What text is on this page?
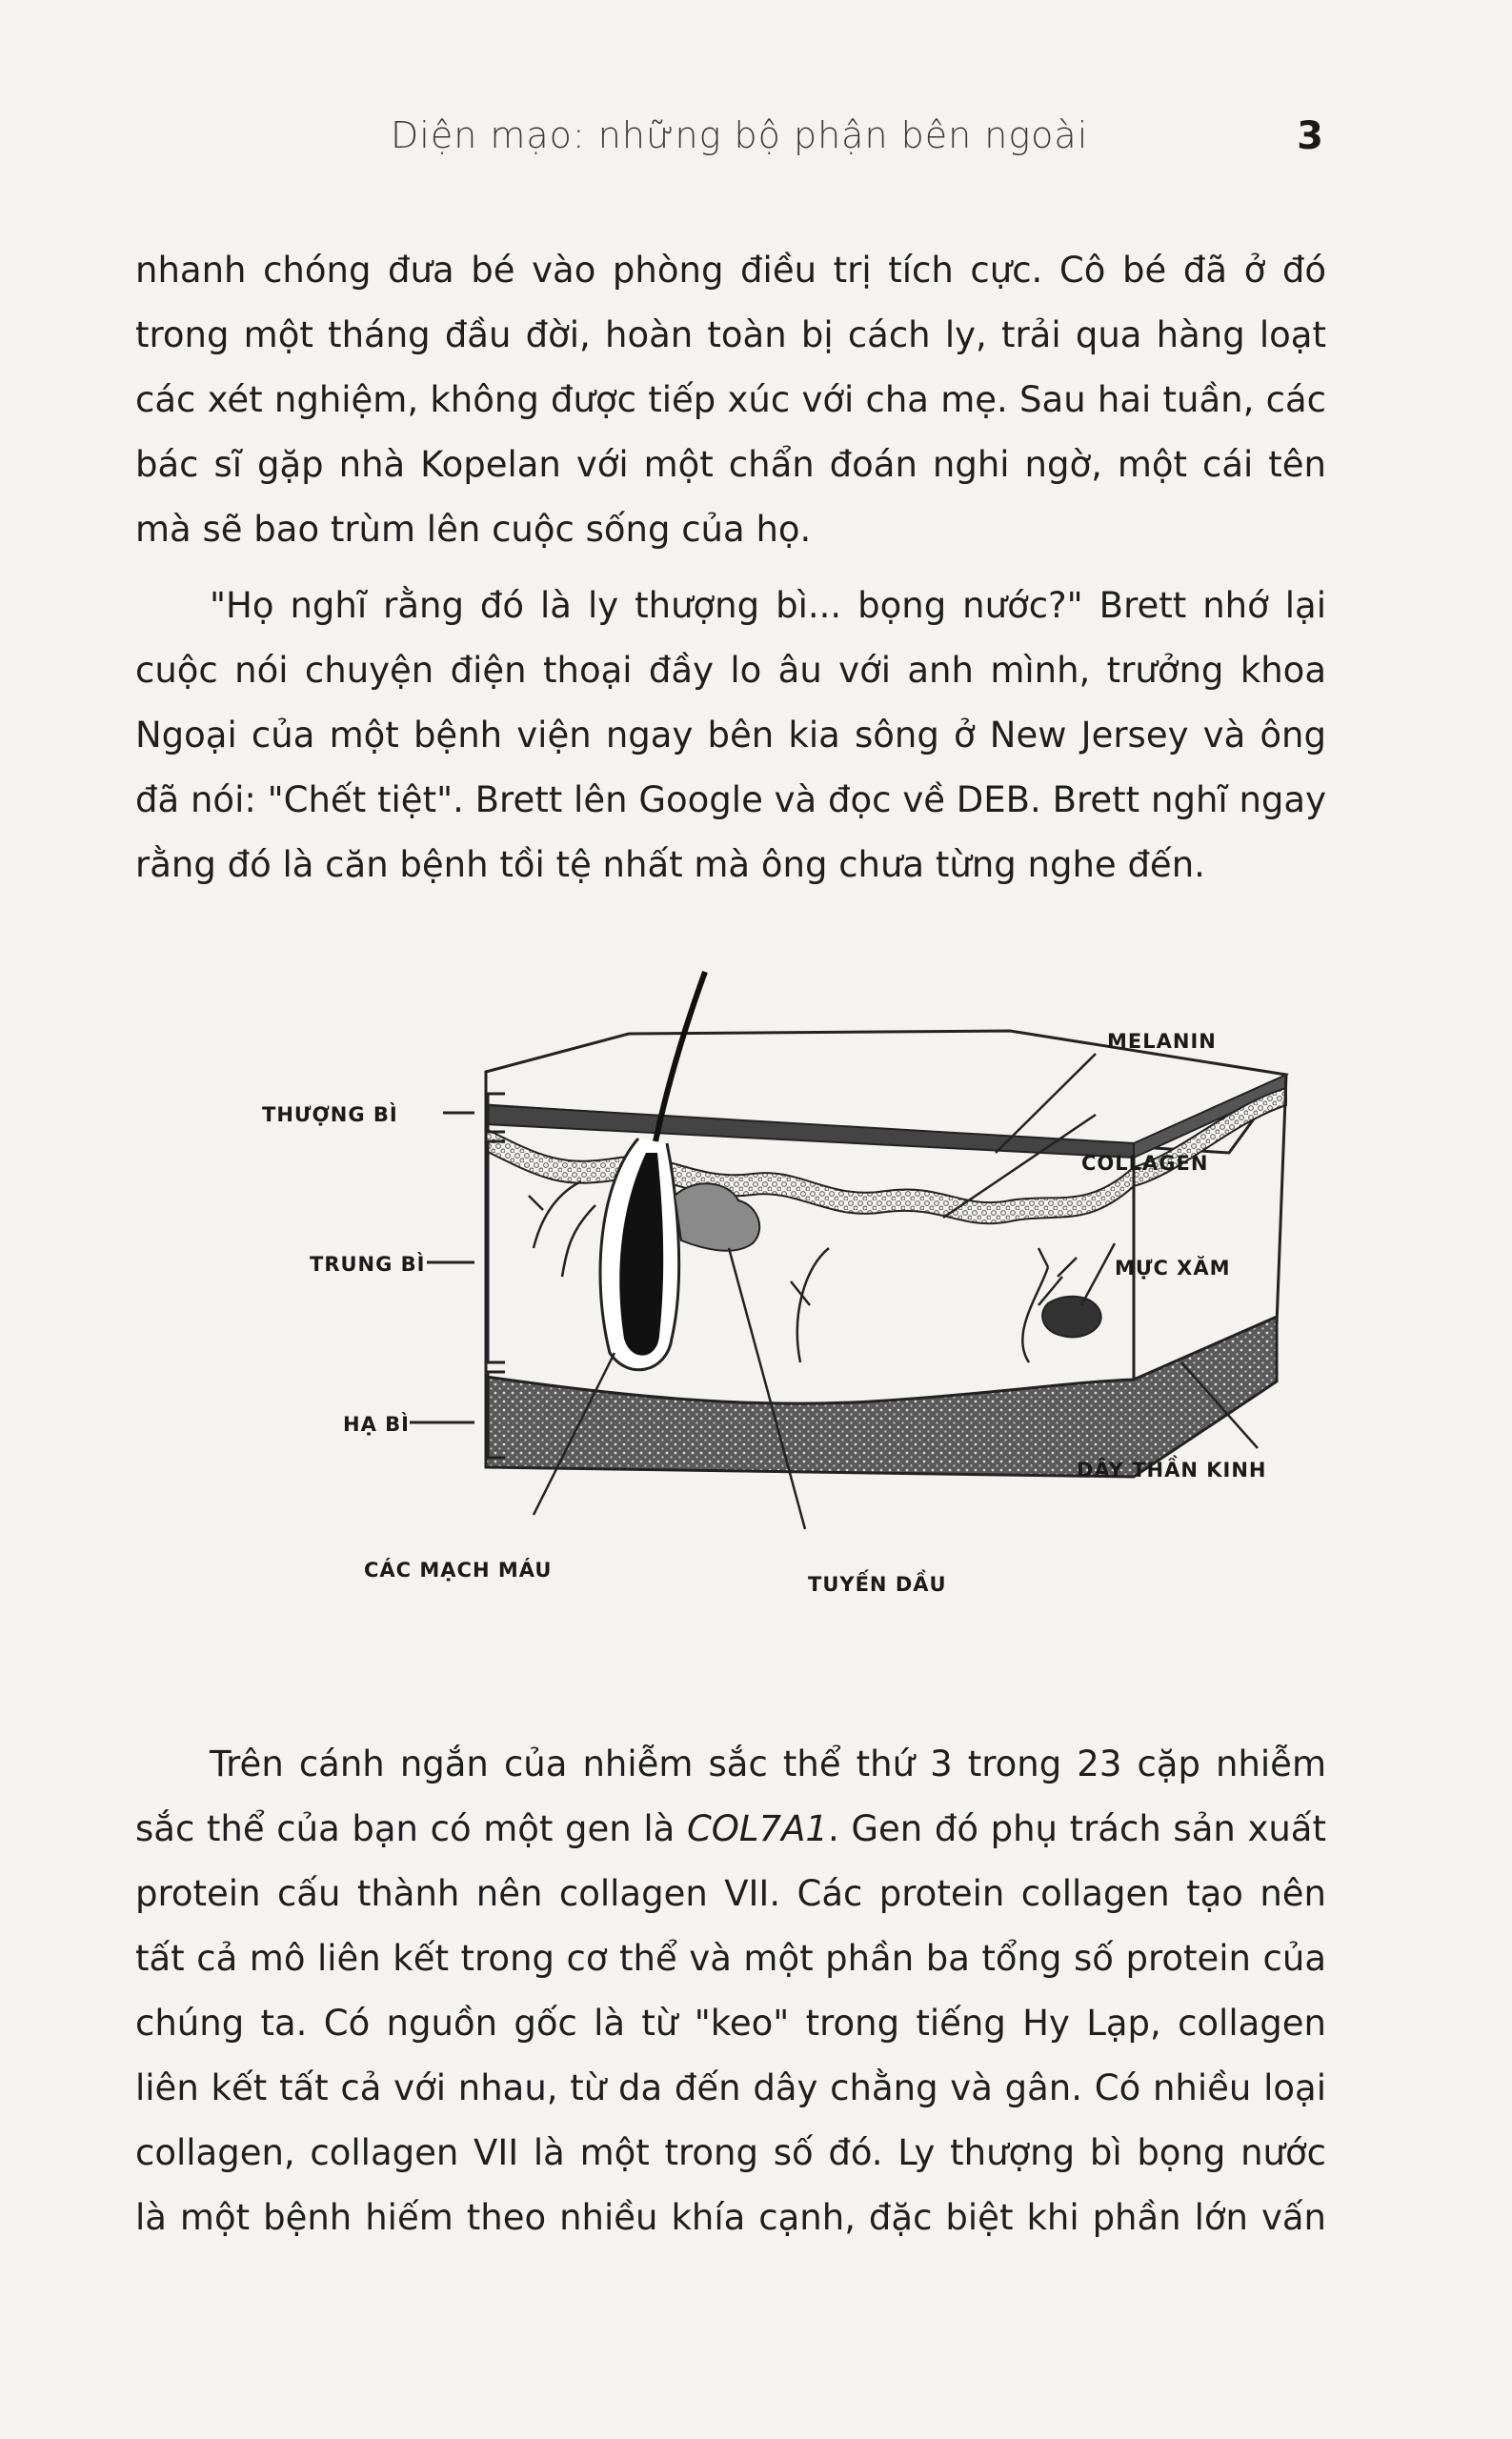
Diện mạo: những bộ phận bên ngoài	3
nhanh chóng đưa bé vào phòng điều trị tích cực. Cô bé đã ở đó
trong một tháng đầu đời, hoàn toàn bị cách ly, trải qua hàng loạt
các xét nghiệm, không được tiếp xúc với cha mẹ. Sau hai tuần, các
bác sĩ gặp nhà Kopelan với một chẩn đoán nghi ngờ, một cái tên
mà sẽ bao trùm lên cuộc sống của họ.
"Họ nghĩ rằng đó là ly thượng bì... bọng nước?" Brett nhớ lại
cuộc nói chuyện điện thoại đầy lo âu với anh mình, trưởng khoa
Ngoại của một bệnh viện ngay bên kia sông ở New Jersey và ông
đã nói: "Chết tiệt". Brett lên Google và đọc về DEB. Brett nghĩ ngay
rằng đó là căn bệnh tồi tệ nhất mà ông chưa từng nghe đến.
THƯỢNG BÌ
TRUNG BÌ
HẠ BÌ
CÁC MẠCH MÁU
TUYẾN DẦU
MELANIN
COLLAGEN
MỰC XĂM
DÂY THẦN KINH
Trên cánh ngắn của nhiễm sắc thể thứ 3 trong 23 cặp nhiễm
sắc thể của bạn có một gen là COL7A1. Gen đó phụ trách sản xuất
protein cấu thành nên collagen VII. Các protein collagen tạo nên
tất cả mô liên kết trong cơ thể và một phần ba tổng số protein của
chúng ta. Có nguồn gốc là từ "keo" trong tiếng Hy Lạp, collagen
liên kết tất cả với nhau, từ da đến dây chằng và gân. Có nhiều loại
collagen, collagen VII là một trong số đó. Ly thượng bì bọng nước
là một bệnh hiếm theo nhiều khía cạnh, đặc biệt khi phần lớn vấn
